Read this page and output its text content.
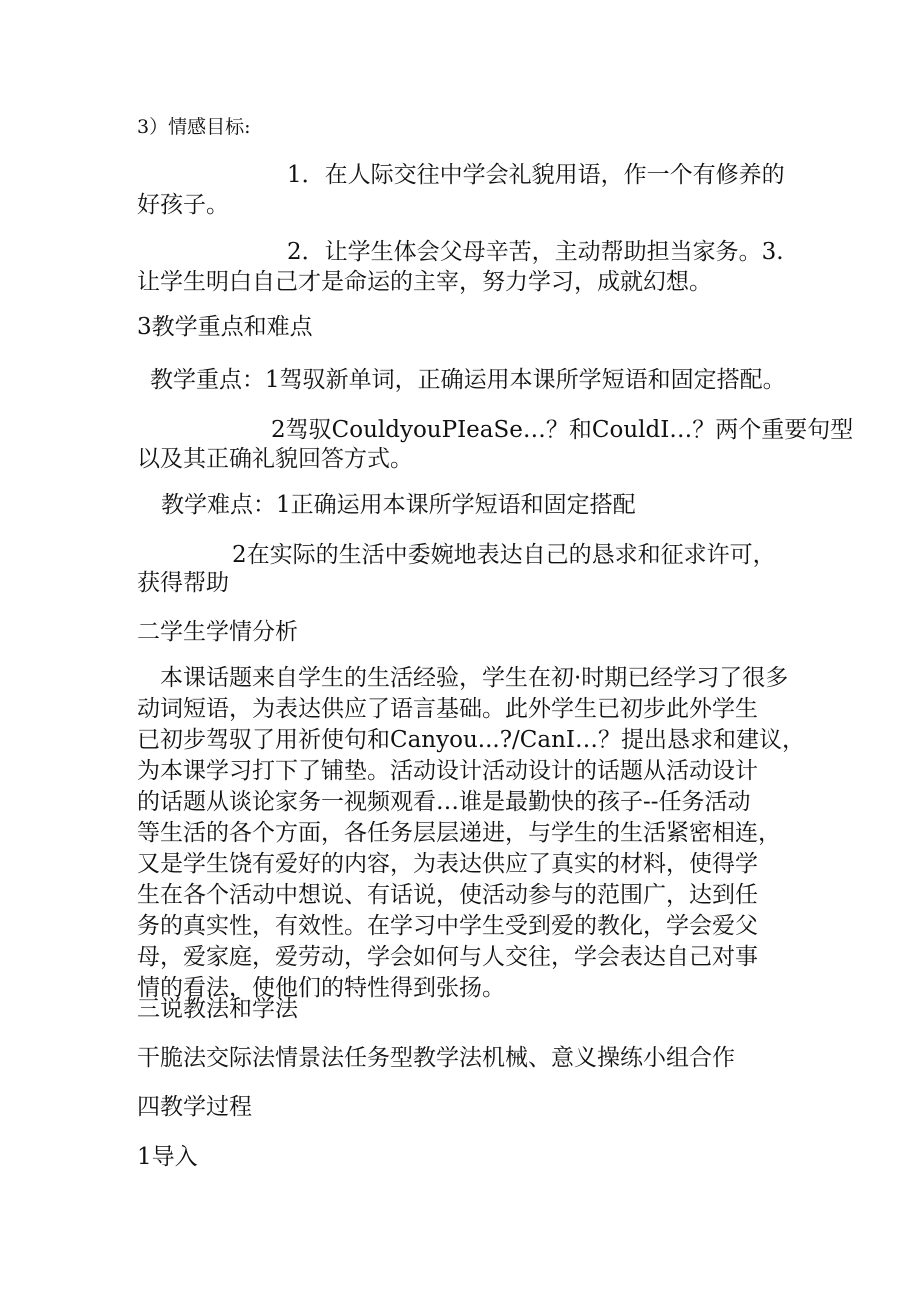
3）情感目标:

1．在人际交往中学会礼貌用语，作一个有修养的

好孩子。

2．让学生体会父母辛苦，主动帮助担当家务。3.

让学生明白自己才是命运的主宰，努力学习，成就幻想。

3教学重点和难点

教学重点：1驾驭新单词，正确运用本课所学短语和固定搭配。

2驾驭CouldyouPIeaSe…？和CouldI…？两个重要句型

以及其正确礼貌回答方式。

教学难点：1正确运用本课所学短语和固定搭配

2在实际的生活中委婉地表达自己的恳求和征求许可，

获得帮助

二学生学情分析

本课话题来自学生的生活经验，学生在初·时期已经学习了很多
动词短语，为表达供应了语言基础。此外学生已初步此外学生
已初步驾驭了用祈使句和Canyou...?/CanI…？提出恳求和建议，
为本课学习打下了铺垫。活动设计活动设计的话题从活动设计
的话题从谈论家务一视频观看…谁是最勤快的孩子--任务活动
等生活的各个方面，各任务层层递进，与学生的生活紧密相连，
又是学生饶有爱好的内容，为表达供应了真实的材料，使得学
生在各个活动中想说、有话说，使活动参与的范围广，达到任
务的真实性，有效性。在学习中学生受到爱的教化，学会爱父
母，爱家庭，爱劳动，学会如何与人交往，学会表达自己对事
情的看法，使他们的特性得到张扬。

三说教法和学法

干脆法交际法情景法任务型教学法机械、意义操练小组合作

四教学过程

1导入
